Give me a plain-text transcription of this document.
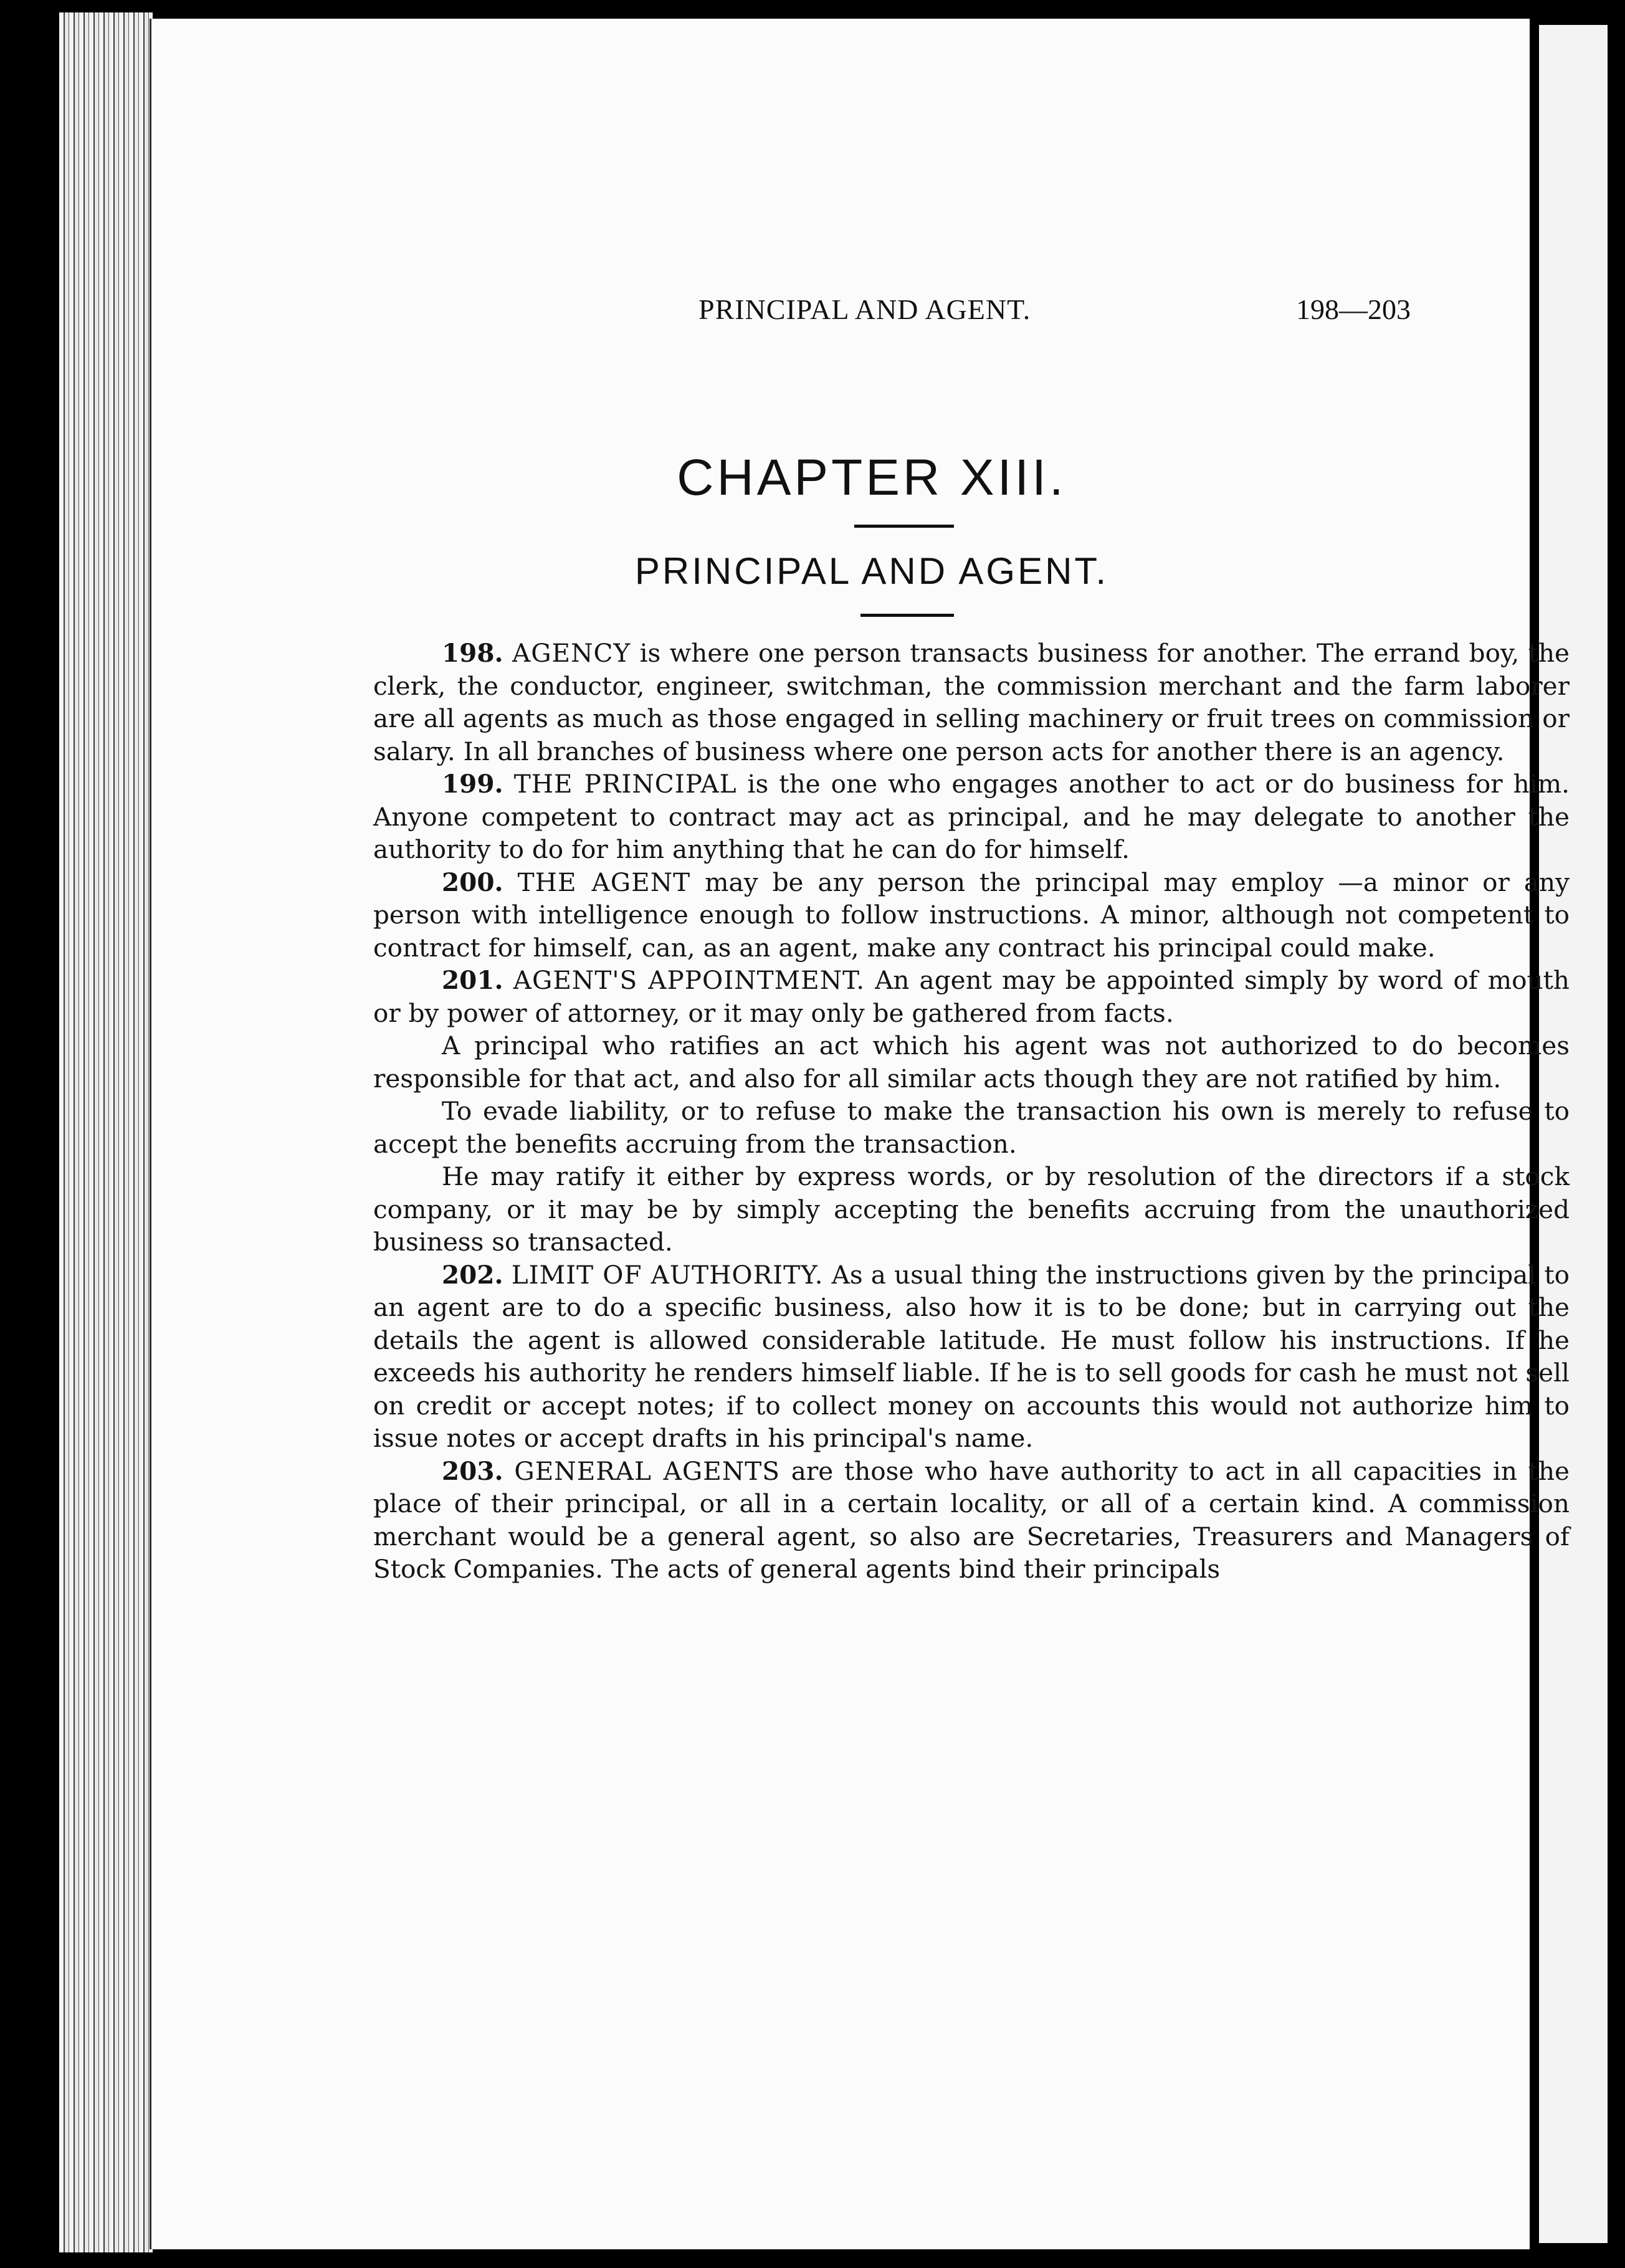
PRINCIPAL AND AGENT.	198—203
CHAPTER XIII.
PRINCIPAL AND AGENT.

198. AGENCY is where one person transacts business for another. The errand boy, the clerk, the conductor, engineer, switchman, the commission merchant and the farm laborer are all agents as much as those engaged in selling machinery or fruit trees on commission or salary. In all branches of business where one person acts for another there is an agency.

199. THE PRINCIPAL is the one who engages another to act or do business for him. Anyone competent to contract may act as principal, and he may delegate to another the authority to do for him anything that he can do for himself.

200. THE AGENT may be any person the principal may employ —a minor or any person with intelligence enough to follow instructions. A minor, although not competent to contract for himself, can, as an agent, make any contract his principal could make.

201. AGENT'S APPOINTMENT. An agent may be appointed simply by word of mouth or by power of attorney, or it may only be gathered from facts.

A principal who ratifies an act which his agent was not authorized to do becomes responsible for that act, and also for all similar acts though they are not ratified by him.

To evade liability, or to refuse to make the transaction his own is merely to refuse to accept the benefits accruing from the transaction.

He may ratify it either by express words, or by resolution of the directors if a stock company, or it may be by simply accepting the benefits accruing from the unauthorized business so transacted.

202. LIMIT OF AUTHORITY. As a usual thing the instructions given by the principal to an agent are to do a specific business, also how it is to be done; but in carrying out the details the agent is allowed considerable latitude. He must follow his instructions. If he exceeds his authority he renders himself liable. If he is to sell goods for cash he must not sell on credit or accept notes; if to collect money on accounts this would not authorize him to issue notes or accept drafts in his principal's name.

203. GENERAL AGENTS are those who have authority to act in all capacities in the place of their principal, or all in a certain locality, or all of a certain kind. A commission merchant would be a general agent, so also are Secretaries, Treasurers and Managers of Stock Companies. The acts of general agents bind their principals
